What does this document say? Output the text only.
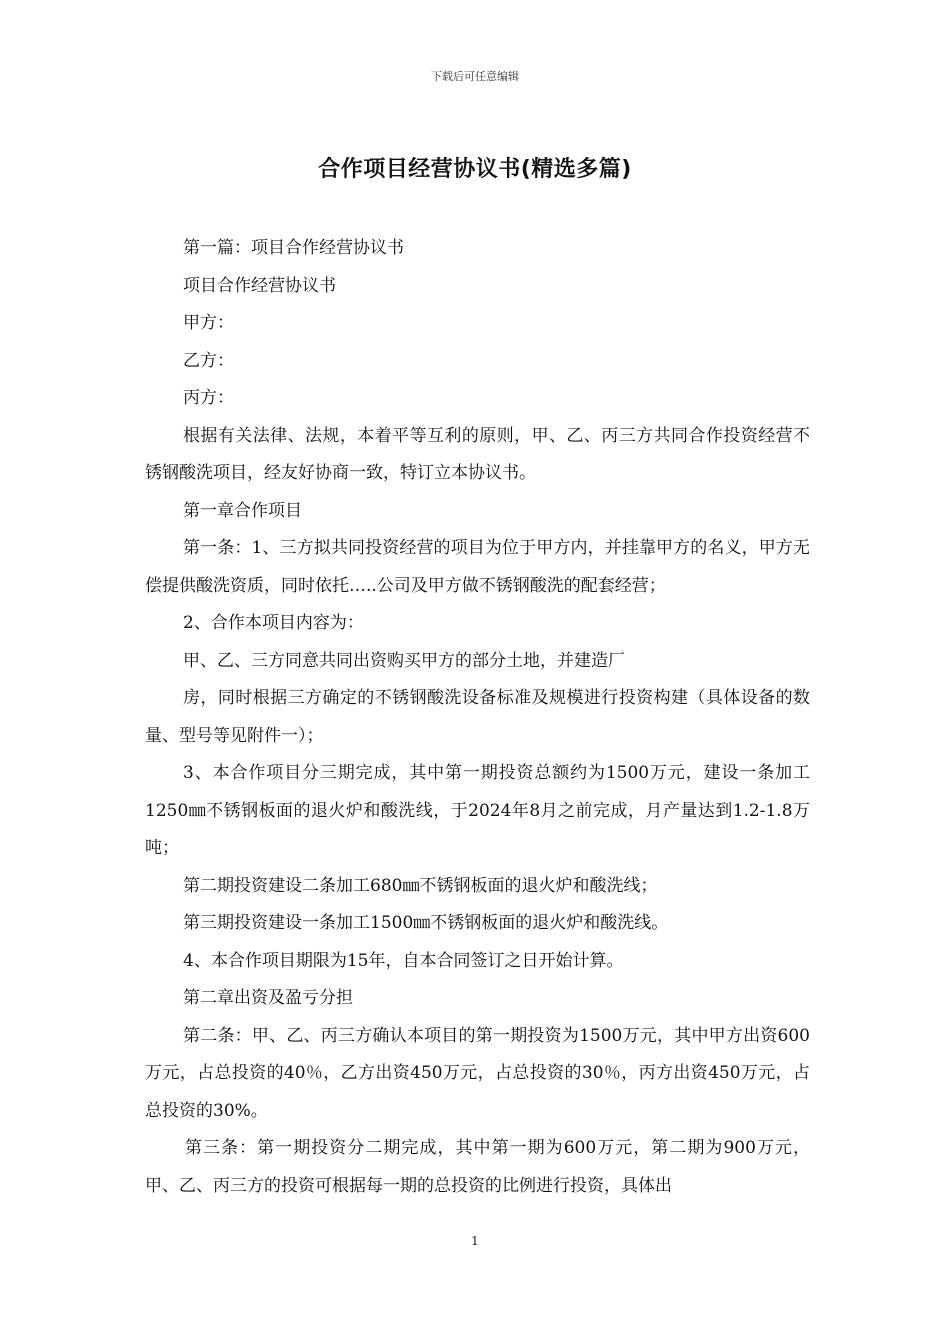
下载后可任意编辑
合作项目经营协议书(精选多篇)

第一篇：项目合作经营协议书

项目合作经营协议书

甲方：

乙方：

丙方：

根据有关法律、法规，本着平等互利的原则，甲、乙、丙三方共同合作投资经营不锈钢酸洗项目，经友好协商一致，特订立本协议书。

第一章合作项目

第一条：1、三方拟共同投资经营的项目为位于甲方内，并挂靠甲方的名义，甲方无偿提供酸洗资质，同时依托…..公司及甲方做不锈钢酸洗的配套经营；

2、合作本项目内容为：

甲、乙、三方同意共同出资购买甲方的部分土地，并建造厂

房，同时根据三方确定的不锈钢酸洗设备标准及规模进行投资构建（具体设备的数量、型号等见附件一）；

3、本合作项目分三期完成，其中第一期投资总额约为1500万元，建设一条加工1250㎜不锈钢板面的退火炉和酸洗线，于2024年8月之前完成，月产量达到1.2-1.8万吨；

第二期投资建设二条加工680㎜不锈钢板面的退火炉和酸洗线；

第三期投资建设一条加工1500㎜不锈钢板面的退火炉和酸洗线。

4、本合作项目期限为15年，自本合同签订之日开始计算。

第二章出资及盈亏分担

第二条：甲、乙、丙三方确认本项目的第一期投资为1500万元，其中甲方出资600万元，占总投资的40％，乙方出资450万元，占总投资的30％，丙方出资450万元，占总投资的30%。

第三条：第一期投资分二期完成，其中第一期为600万元，第二期为900万元，甲、乙、丙三方的投资可根据每一期的总投资的比例进行投资，具体出

1
